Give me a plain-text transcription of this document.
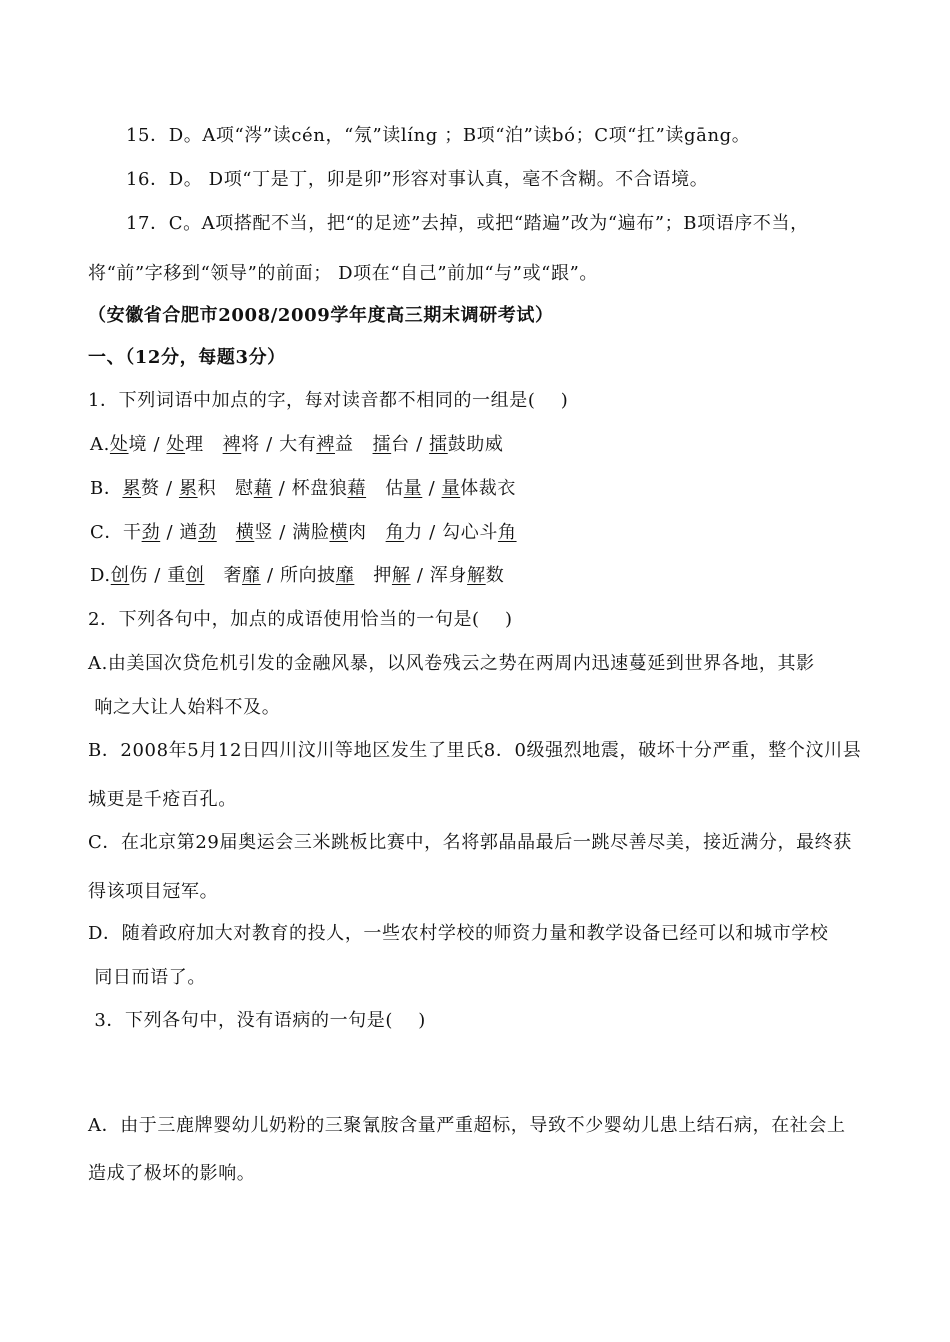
15．D。A项“涔”读cén，“氖”读líng ；B项“泊”读bó；C项“扛”读gāng。
16．D。 D项“丁是丁，卯是卯”形容对事认真，毫不含糊。不合语境。
17．C。A项搭配不当，把“的足迹”去掉，或把“踏遍”改为“遍布”；B项语序不当，
将“前”字移到“领导”的前面； D项在“自己”前加“与”或“跟”。
（安徽省合肥市2008/2009学年度高三期末调研考试）
一、（12分，每题3分）
1．下列词语中加点的字，每对读音都不相同的一组是(    )
A.处境 / 处理 裨将 / 大有裨益 擂台 / 擂鼓助威
B．累赘 / 累积 慰藉 / 杯盘狼藉 估量 / 量体裁衣
C．干劲 / 遒劲 横竖 / 满脸横肉 角力 / 勾心斗角
D.创伤 / 重创 奢靡 / 所向披靡 押解 / 浑身解数
2．下列各句中，加点的成语使用恰当的一句是(    )
A.由美国次贷危机引发的金融风暴，以风卷残云之势在两周内迅速蔓延到世界各地，其影
响之大让人始料不及。
B．2008年5月12日四川汶川等地区发生了里氏8．0级强烈地震，破坏十分严重，整个汶川县
城更是千疮百孔。
C．在北京第29届奥运会三米跳板比赛中，名将郭晶晶最后一跳尽善尽美，接近满分，最终获
得该项目冠军。
D．随着政府加大对教育的投人，一些农村学校的师资力量和教学设备已经可以和城市学校
同日而语了。
3．下列各句中，没有语病的一句是(    )
A．由于三鹿牌婴幼儿奶粉的三聚氰胺含量严重超标，导致不少婴幼儿患上结石病，在社会上
造成了极坏的影响。
